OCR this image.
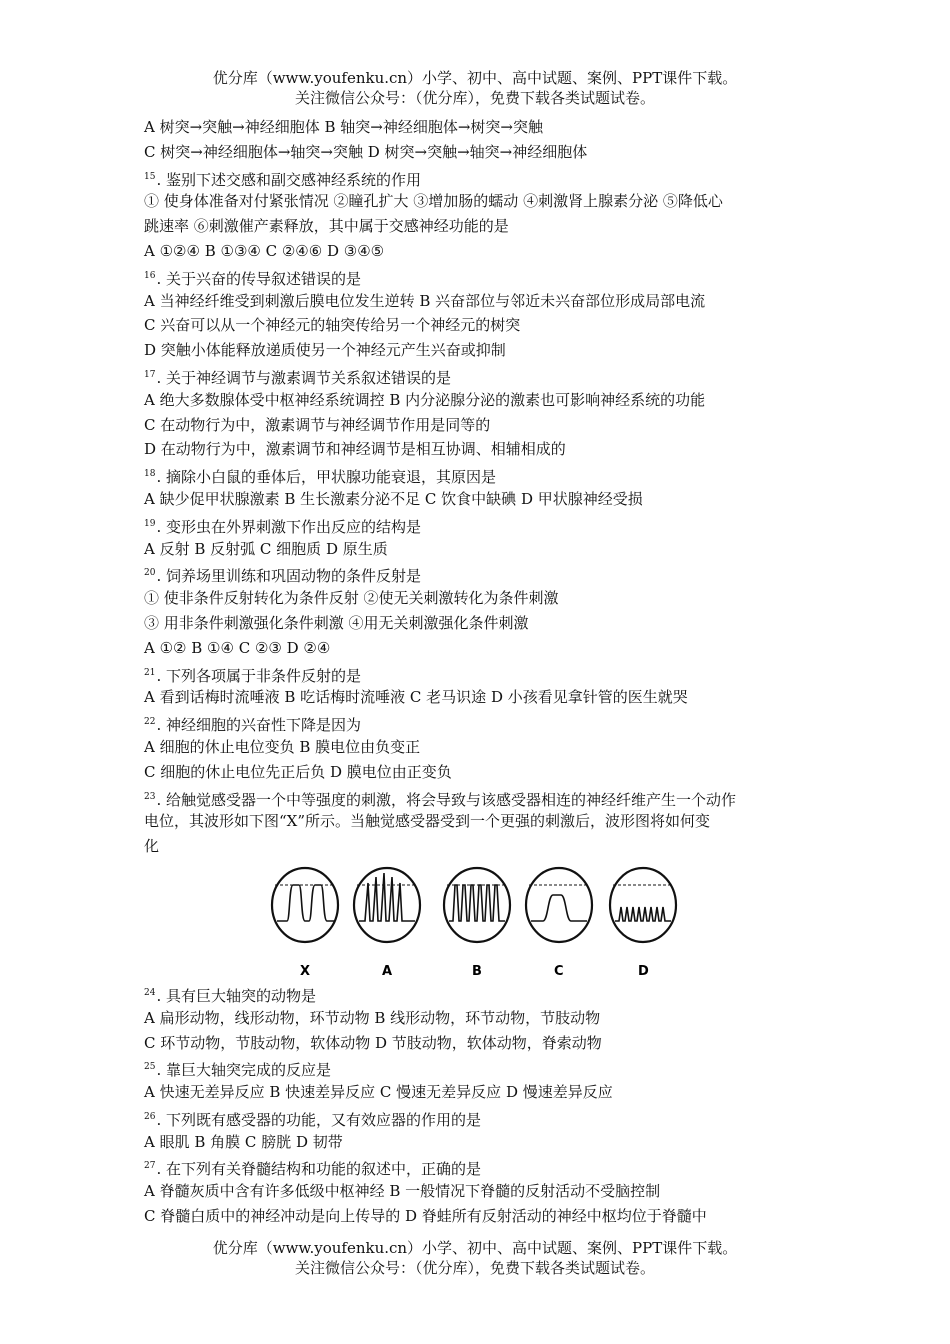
优分库（www.youfenku.cn）小学、初中、高中试题、案例、PPT课件下载。
关注微信公众号：（优分库），免费下载各类试题试卷。
A 树突→突触→神经细胞体 B 轴突→神经细胞体→树突→突触
C 树突→神经细胞体→轴突→突触 D 树突→突触→轴突→神经细胞体
$^{15}$. 鉴别下述交感和副交感神经系统的作用
① 使身体准备对付紧张情况 ②瞳孔扩大 ③增加肠的蠕动 ④刺激肾上腺素分泌 ⑤降低心
跳速率 ⑥刺激催产素释放，其中属于交感神经功能的是
A ①②④ B ①③④ C ②④⑥ D ③④⑤
$^{16}$. 关于兴奋的传导叙述错误的是
A 当神经纤维受到刺激后膜电位发生逆转 B 兴奋部位与邻近未兴奋部位形成局部电流
C 兴奋可以从一个神经元的轴突传给另一个神经元的树突
D 突触小体能释放递质使另一个神经元产生兴奋或抑制
$^{17}$. 关于神经调节与激素调节关系叙述错误的是
A 绝大多数腺体受中枢神经系统调控 B 内分泌腺分泌的激素也可影响神经系统的功能
C 在动物行为中，激素调节与神经调节作用是同等的
D 在动物行为中，激素调节和神经调节是相互协调、相辅相成的
$^{18}$. 摘除小白鼠的垂体后，甲状腺功能衰退，其原因是
A 缺少促甲状腺激素 B 生长激素分泌不足 C 饮食中缺碘 D 甲状腺神经受损
$^{19}$. 变形虫在外界刺激下作出反应的结构是
A 反射 B 反射弧 C 细胞质 D 原生质
$^{20}$. 饲养场里训练和巩固动物的条件反射是
① 使非条件反射转化为条件反射 ②使无关刺激转化为条件刺激
③ 用非条件刺激强化条件刺激 ④用无关刺激强化条件刺激
A ①② B ①④ C ②③ D ②④
$^{21}$. 下列各项属于非条件反射的是
A 看到话梅时流唾液 B 吃话梅时流唾液 C 老马识途 D 小孩看见拿针管的医生就哭
$^{22}$. 神经细胞的兴奋性下降是因为
A 细胞的休止电位变负 B 膜电位由负变正
C 细胞的休止电位先正后负 D 膜电位由正变负
$^{23}$. 给触觉感受器一个中等强度的刺激，将会导致与该感受器相连的神经纤维产生一个动作
电位，其波形如下图“X”所示。当触觉感受器受到一个更强的刺激后，波形图将如何变
化
X	A	B	C	D
$^{24}$. 具有巨大轴突的动物是
A 扁形动物，线形动物，环节动物 B 线形动物，环节动物，节肢动物
C 环节动物，节肢动物，软体动物 D 节肢动物，软体动物，脊索动物
$^{25}$. 靠巨大轴突完成的反应是
A 快速无差异反应 B 快速差异反应 C 慢速无差异反应 D 慢速差异反应
$^{26}$. 下列既有感受器的功能，又有效应器的作用的是
A 眼肌 B 角膜 C 膀胱 D 韧带
$^{27}$. 在下列有关脊髓结构和功能的叙述中，正确的是
A 脊髓灰质中含有许多低级中枢神经 B 一般情况下脊髓的反射活动不受脑控制
C 脊髓白质中的神经冲动是向上传导的 D 脊蛙所有反射活动的神经中枢均位于脊髓中
优分库（www.youfenku.cn）小学、初中、高中试题、案例、PPT课件下载。
关注微信公众号：（优分库），免费下载各类试题试卷。
